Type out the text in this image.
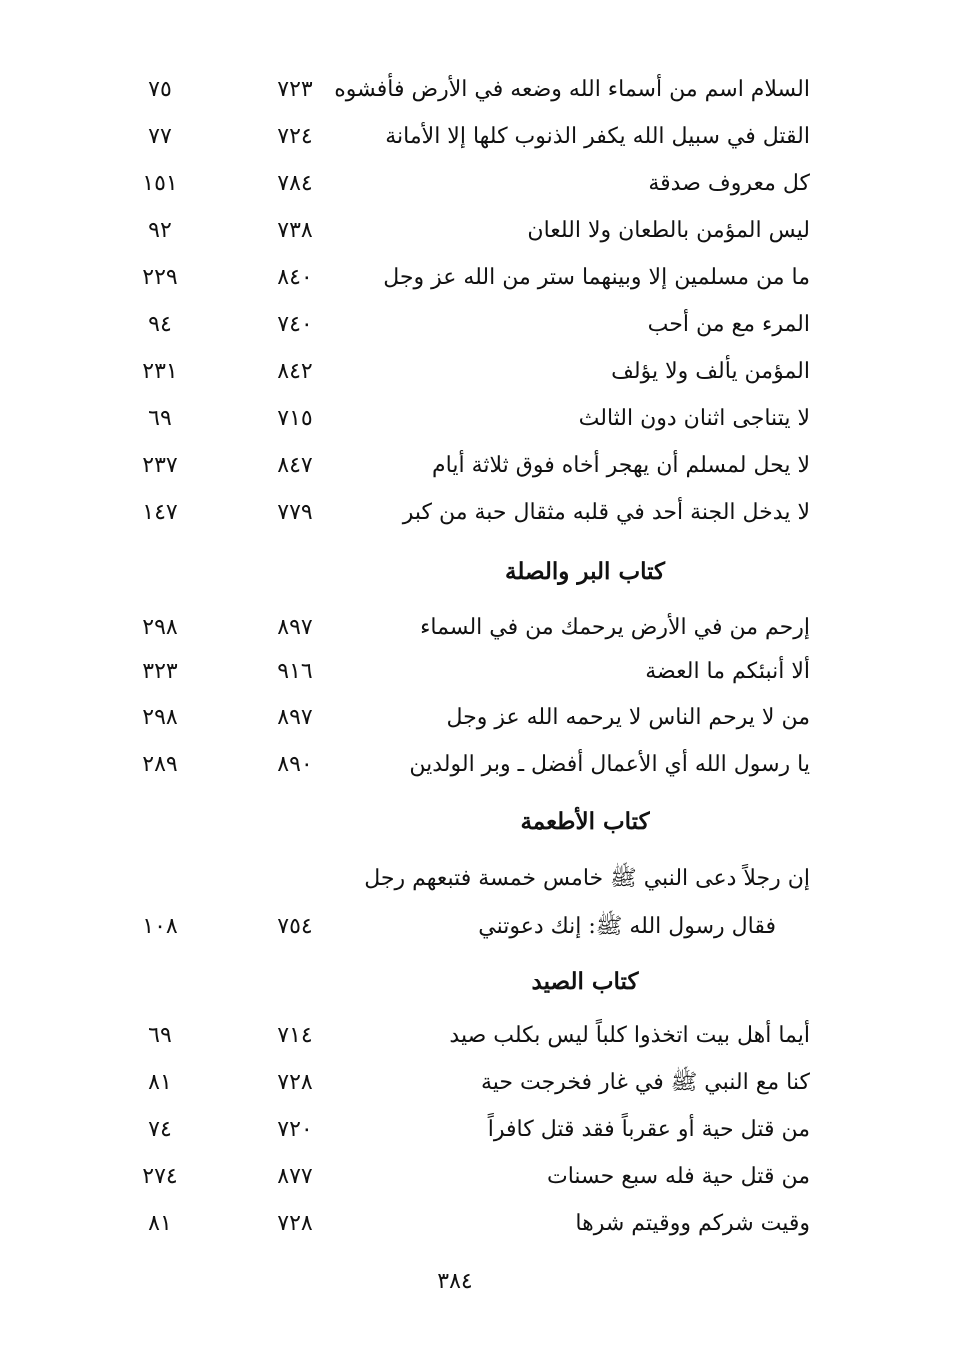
السلام اسم من أسماء الله وضعه في الأرض فأفشوه
٧٢٣
٧٥
القتل في سبيل الله يكفر الذنوب كلها إلا الأمانة
٧٢٤
٧٧
كل معروف صدقة
٧٨٤
١٥١
ليس المؤمن بالطعان ولا اللعان
٧٣٨
٩٢
ما من مسلمين إلا وبينهما ستر من الله عز وجل
٨٤٠
٢٢٩
المرء مع من أحب
٧٤٠
٩٤
المؤمن يألف ولا يؤلف
٨٤٢
٢٣١
لا يتناجى اثنان دون الثالث
٧١٥
٦٩
لا يحل لمسلم أن يهجر أخاه فوق ثلاثة أيام
٨٤٧
٢٣٧
لا يدخل الجنة أحد في قلبه مثقال حبة من كبر
٧٧٩
١٤٧
كتاب البر والصلة
إرحم من في الأرض يرحمك من في السماء
٨٩٧
٢٩٨
ألا أنبئكم ما العضة
٩١٦
٣٢٣
من لا يرحم الناس لا يرحمه الله عز وجل
٨٩٧
٢٩٨
يا رسول الله أي الأعمال أفضل ـ وبر الولدين
٨٩٠
٢٨٩
كتاب الأطعمة
إن رجلاً دعى النبي ﷺ خامس خمسة فتبعهم رجل
فقال رسول الله ﷺ: إنك دعوتني
٧٥٤
١٠٨
كتاب الصيد
أيما أهل بيت اتخذوا كلباً ليس بكلب صيد
٧١٤
٦٩
كنا مع النبي ﷺ في غار فخرجت حية
٧٢٨
٨١
من قتل حية أو عقرباً فقد قتل كافراً
٧٢٠
٧٤
من قتل حية فله سبع حسنات
٨٧٧
٢٧٤
وقيت شركم ووقيتم شرها
٧٢٨
٨١
٣٨٤
